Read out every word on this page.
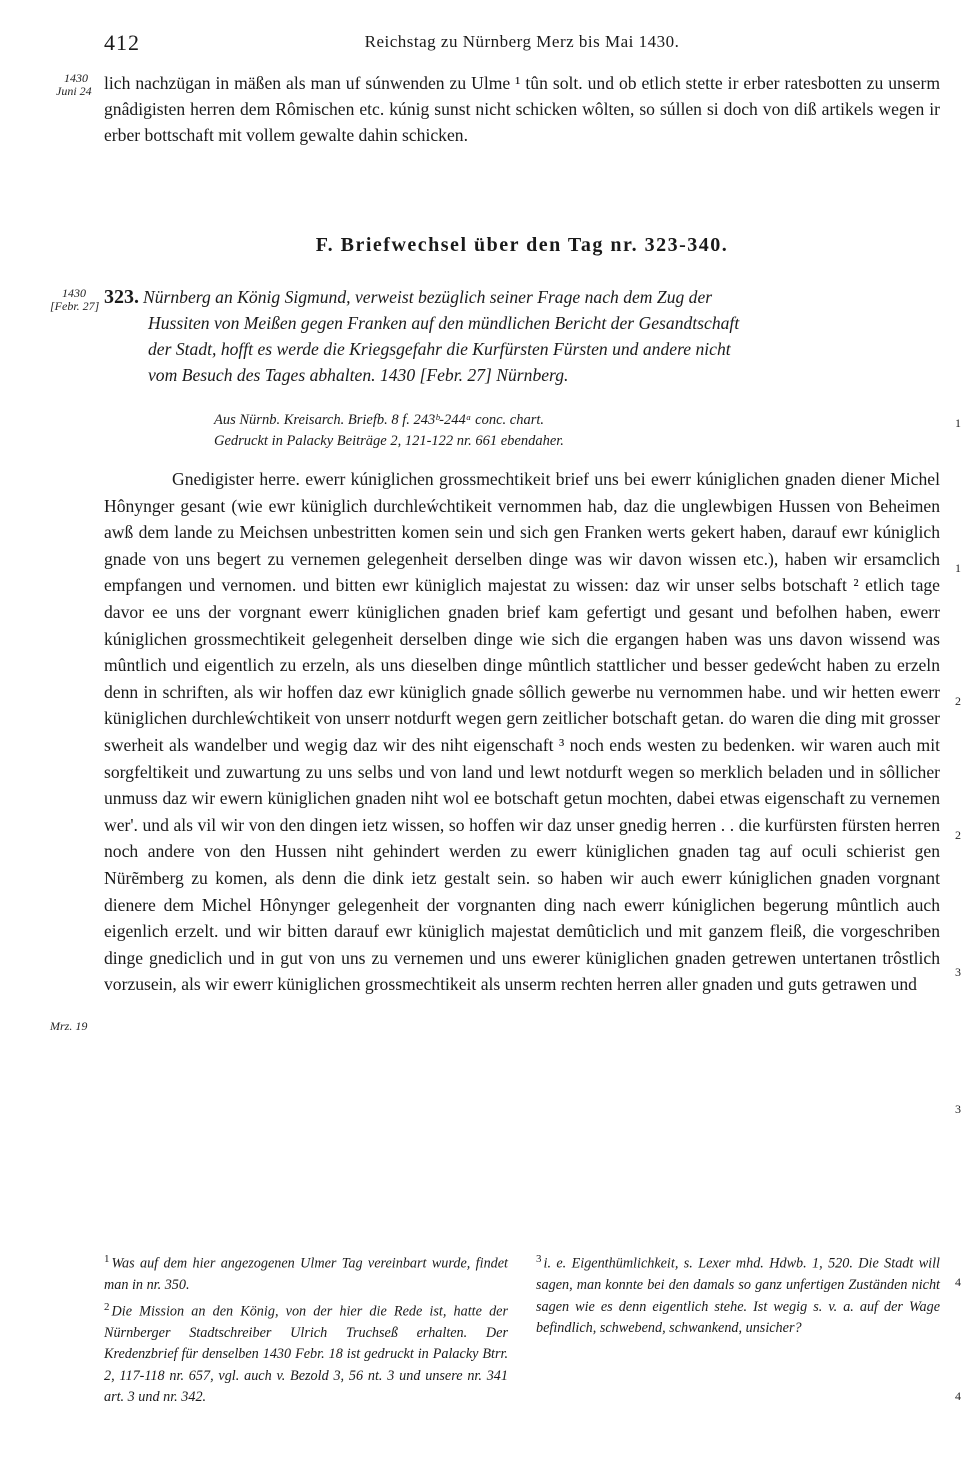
412	Reichstag zu Nürnberg Merz bis Mai 1430.
1430
Juni 24 lich nachzügan in mäßen als man uf súnwenden zu Ulme ¹ tûn solt. und ob etlich stette ir erber ratesbotten zu unserm gnâdigisten herren dem Rômischen etc. kúnig sunst nicht schicken wôlten, so súllen si doch von diß artikels wegen ir erber bottschaft mit vollem gewalte dahin schicken.
F. Briefwechsel über den Tag nr. 323-340.
1430
[Febr. 27] 323. Nürnberg an König Sigmund, verweist bezüglich seiner Frage nach dem Zug der
Hussiten von Meißen gegen Franken auf den mündlichen Bericht der Gesandtschaft
der Stadt, hofft es werde die Kriegsgefahr die Kurfürsten Fürsten und andere nicht
vom Besuch des Tages abhalten. 1430 [Febr. 27] Nürnberg.
Aus Nürnb. Kreisarch. Briefb. 8 f. 243ᵇ-244ᵃ conc. chart.
Gedruckt in Palacky Beiträge 2, 121-122 nr. 661 ebendaher.
Gnedigister herre. ewerr kúniglichen grossmechtikeit brief uns bei ewerr kúniglichen gnaden diener Michel Hônynger gesant (wie ewr küniglich durchleẃchtikeit vernommen hab, daz die unglewbigen Hussen von Beheimen awß dem lande zu Meichsen unbestritten komen sein und sich gen Franken werts gekert haben, darauf ewr kúniglich gnade von uns begert zu vernemen gelegenheit derselben dinge was wir davon wissen etc.), haben wir ersamclich empfangen und vernomen. und bitten ewr küniglich majestat zu wissen: daz wir unser selbs botschaft ² etlich tage davor ee uns der vorgnant ewerr küniglichen gnaden brief kam gefertigt und gesant und befolhen haben, ewerr kúniglichen grossmechtikeit gelegenheit derselben dinge wie sich die ergangen haben was uns davon wissend was mûntlich und eigentlich zu erzeln, als uns dieselben dinge mûntlich stattlicher und besser gedeẃcht haben zu erzeln denn in schriften, als wir hoffen daz ewr küniglich gnade sôllich gewerbe nu vernommen habe. und wir hetten ewerr küniglichen durchleẃchtikeit von unserr notdurft wegen gern zeitlicher botschaft getan. do waren die ding mit grosser swerheit als wandelber und wegig daz wir des niht eigenschaft ³ noch ends westen zu bedenken. wir waren auch mit sorgfeltikeit und zuwartung zu uns selbs und von land und lewt notdurft wegen so merklich beladen und in sôllicher unmuss daz wir ewern küniglichen gnaden niht wol ee botschaft getun mochten, dabei etwas eigenschaft zu vernemen wer'. und als vil wir von den dingen ietz wissen, so hoffen wir daz unser gnedig herren . . die kurfürsten fürsten herren noch andere von den Hussen niht gehindert werden zu ewerr küniglichen gnaden tag auf oculi schierist gen Nürẽmberg zu komen, als denn die dink ietz gestalt sein. so haben wir auch ewerr kúniglichen gnaden vorgnant dienere dem Michel Hônynger gelegenheit der vorgnanten ding nach ewerr kúniglichen begerung mûntlich auch eigenlich erzelt. und wir bitten darauf ewr küniglich majestat demûticlich und mit ganzem fleiß, die vorgeschriben dinge gnediclich und in gut von uns zu vernemen und uns ewerer küniglichen gnaden getrewen untertanen trôstlich vorzusein, als wir ewerr küniglichen grossmechtikeit als unserm rechten herren aller gnaden und guts getrawen und
Mrz. 19
1
1
2
2
3
3
4
4

$^1$ Was auf dem hier angezogenen Ulmer Tag vereinbart wurde, findet man in nr. 350.

$^2$ Die Mission an den König, von der hier die Rede ist, hatte der Nürnberger Stadtschreiber Ulrich Truchseß erhalten. Der Kredenzbrief für denselben 1430 Febr. 18 ist gedruckt in Palacky Btrr. 2, 117-118 nr. 657, vgl. auch v. Bezold 3, 56 nt. 3 und unsere nr. 341 art. 3 und nr. 342.

$^3$ i. e. Eigenthümlichkeit, s. Lexer mhd. Hdwb. 1, 520. Die Stadt will sagen, man konnte bei den damals so ganz unfertigen Zuständen nicht sagen wie es denn eigentlich stehe. Ist wegig s. v. a. auf der Wage befindlich, schwebend, schwankend, unsicher?
